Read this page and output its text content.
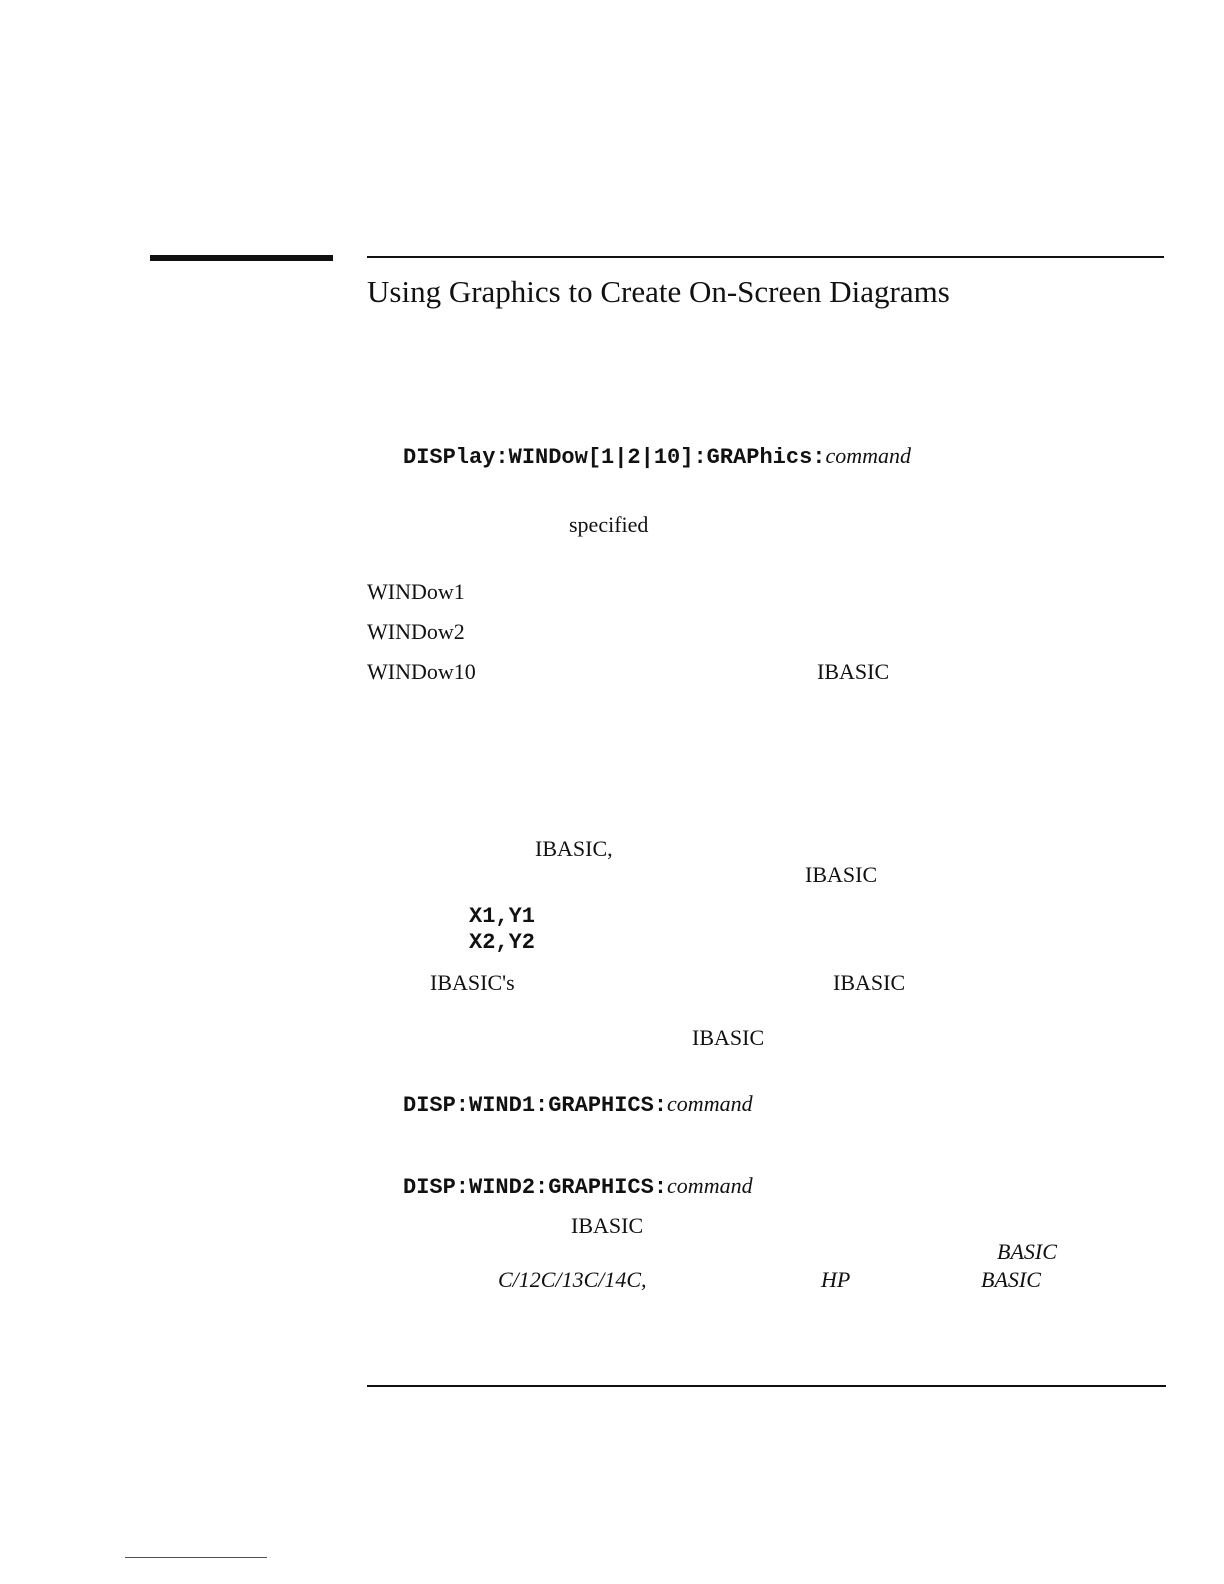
Using Graphics to Create On-Screen Diagrams
DISPlay:WINDow[1|2|10]:GRAPhics:command
specified
WINDow1
WINDow2
WINDow10	IBASIC
IBASIC,
IBASIC
X1,Y1
X2,Y2
IBASIC's	IBASIC
IBASIC
DISP:WIND1:GRAPHICS:command
DISP:WIND2:GRAPHICS:command
IBASIC
BASIC
C/12C/13C/14C,	HP	BASIC
